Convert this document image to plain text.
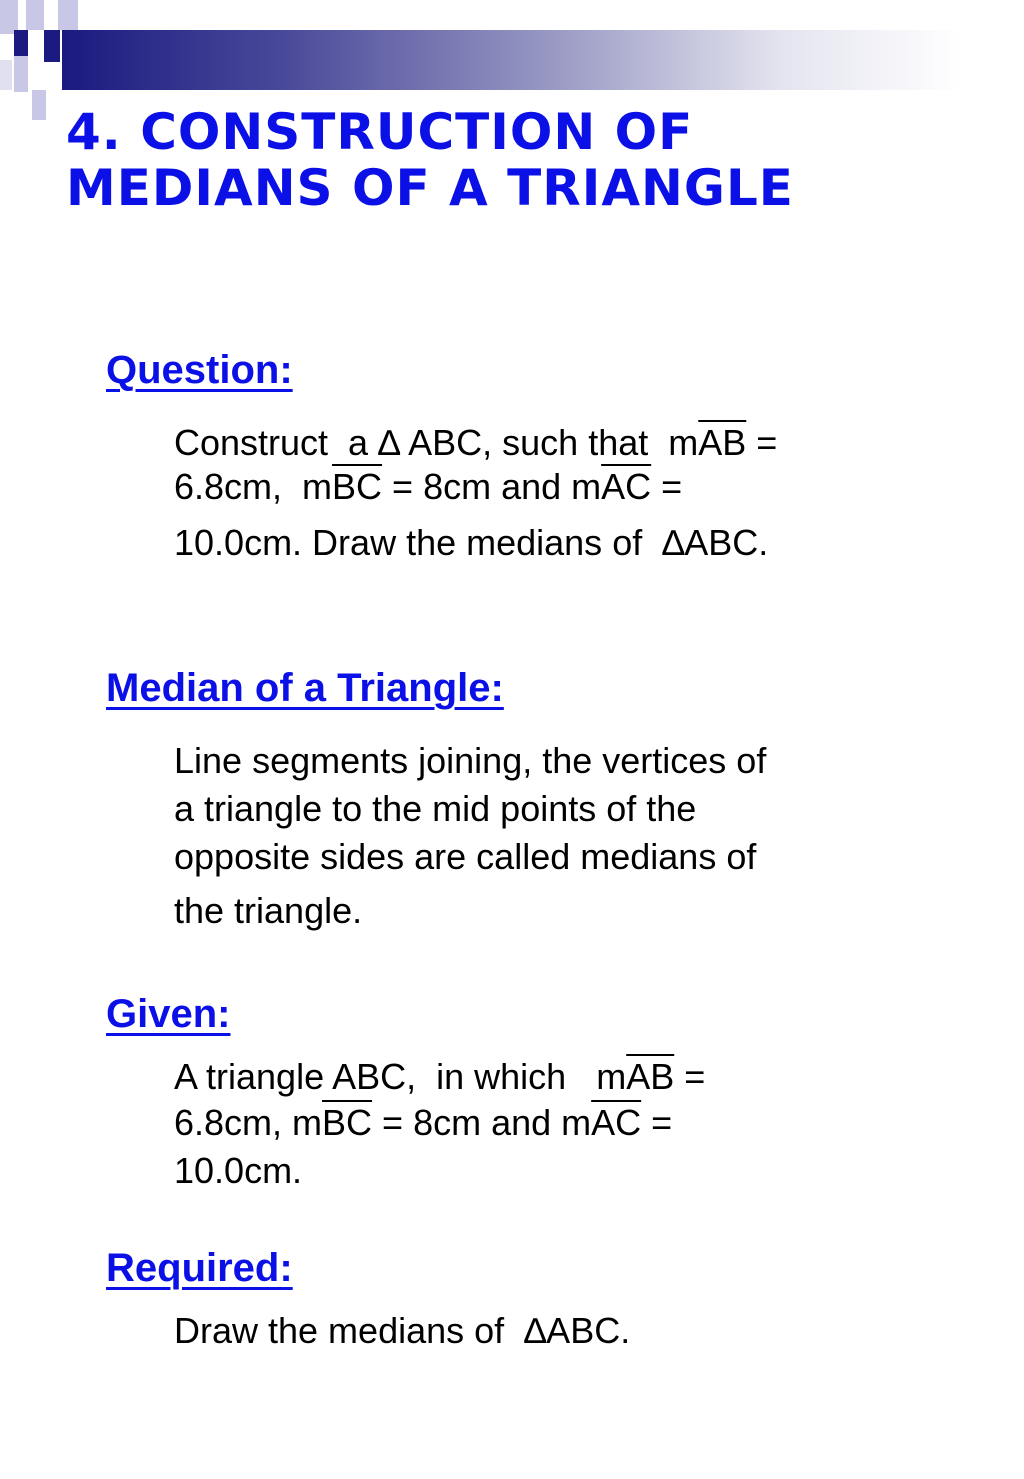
4. CONSTRUCTION OF
MEDIANS OF A TRIANGLE
Question:

Construct  a ∆ ABC, such that  $m\overline{AB}$ =
6.8cm,  $m\overline{BC} = 8cm$ and $m\overline{AC}$ =
10.0cm. Draw the medians of  ∆ABC.

Median of a Triangle:

Line segments joining, the vertices of
a triangle to the mid points of the
opposite sides are called medians of
the triangle.

Given:

A triangle ABC,  in which   $m\overline{AB}$ =
6.8cm, $m\overline{BC} = 8cm$ and $m\overline{AC}$ =
10.0cm.

Required:

Draw the medians of  ∆ABC.
